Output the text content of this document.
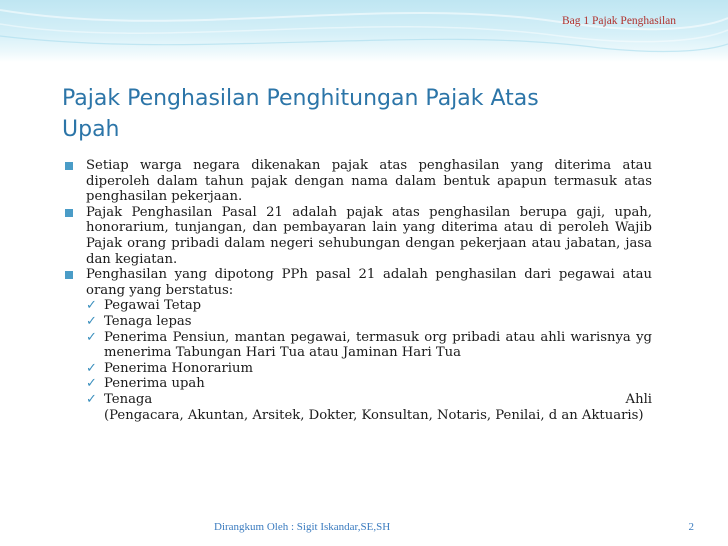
Bag 1 Pajak Penghasilan
Pajak Penghasilan Penghitungan Pajak Atas
Upah
Setiap warga negara dikenakan pajak atas penghasilan yang diterima atau diperoleh dalam tahun pajak dengan nama dalam bentuk apapun termasuk atas penghasilan pekerjaan.
Pajak Penghasilan Pasal 21 adalah pajak atas penghasilan berupa gaji, upah, honorarium, tunjangan, dan pembayaran lain yang diterima atau di peroleh Wajib Pajak orang pribadi dalam negeri sehubungan dengan pekerjaan atau jabatan, jasa dan kegiatan.
Penghasilan yang dipotong PPh pasal 21 adalah penghasilan dari pegawai atau orang yang berstatus:
✓ Pegawai Tetap
✓ Tenaga lepas
✓ Penerima Pensiun, mantan pegawai, termasuk org pribadi atau ahli warisnya yg menerima Tabungan Hari Tua atau Jaminan Hari Tua
✓ Penerima Honorarium
✓ Penerima upah
✓ Tenaga	Ahli
(Pengacara, Akuntan, Arsitek, Dokter, Konsultan, Notaris, Penilai, d an Aktuaris)
Dirangkum Oleh : Sigit Iskandar,SE,SH	2
